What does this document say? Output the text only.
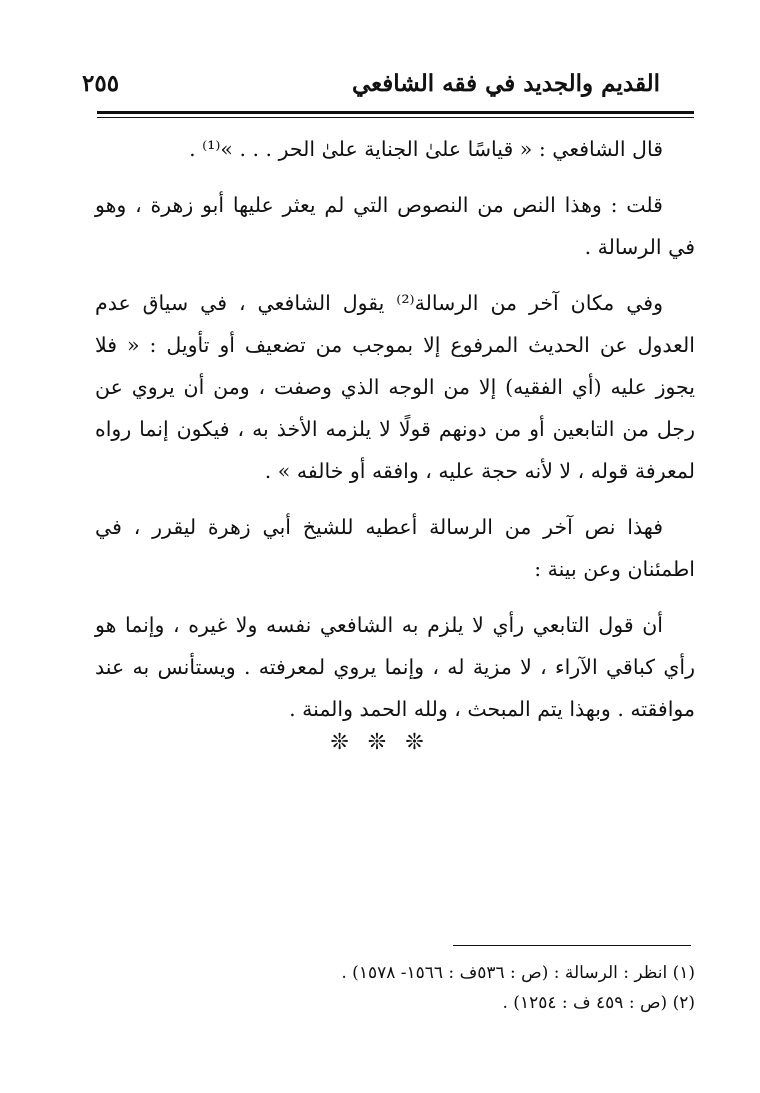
القديم والجديد في فقه الشافعي
٢٥٥

قال الشافعي : « قياسًا علىٰ الجناية علىٰ الحر . . . »⁽¹⁾ .

قلت : وهذا النص من النصوص التي لم يعثر عليها أبو زهرة ، وهو في الرسالة .

وفي مكان آخر من الرسالة⁽²⁾ يقول الشافعي ، في سياق عدم العدول عن الحديث المرفوع إلا بموجب من تضعيف أو تأويل : « فلا يجوز عليه (أي الفقيه) إلا من الوجه الذي وصفت ، ومن أن يروي عن رجل من التابعين أو من دونهم قولًا لا يلزمه الأخذ به ، فيكون إنما رواه لمعرفة قوله ، لا لأنه حجة عليه ، وافقه أو خالفه » .

فهذا نص آخر من الرسالة أعطيه للشيخ أبي زهرة ليقرر ، في اطمئنان وعن بينة :

أن قول التابعي رأي لا يلزم به الشافعي نفسه ولا غيره ، وإنما هو رأي كباقي الآراء ، لا مزية له ، وإنما يروي لمعرفته . ويستأنس به عند موافقته . وبهذا يتم المبحث ، ولله الحمد والمنة .

❊ ❊ ❊

(١) انظر : الرسالة : (ص : ٥٣٦ف : ١٥٦٦- ١٥٧٨) .

(٢) (ص : ٤٥٩ ف : ١٢٥٤) .
